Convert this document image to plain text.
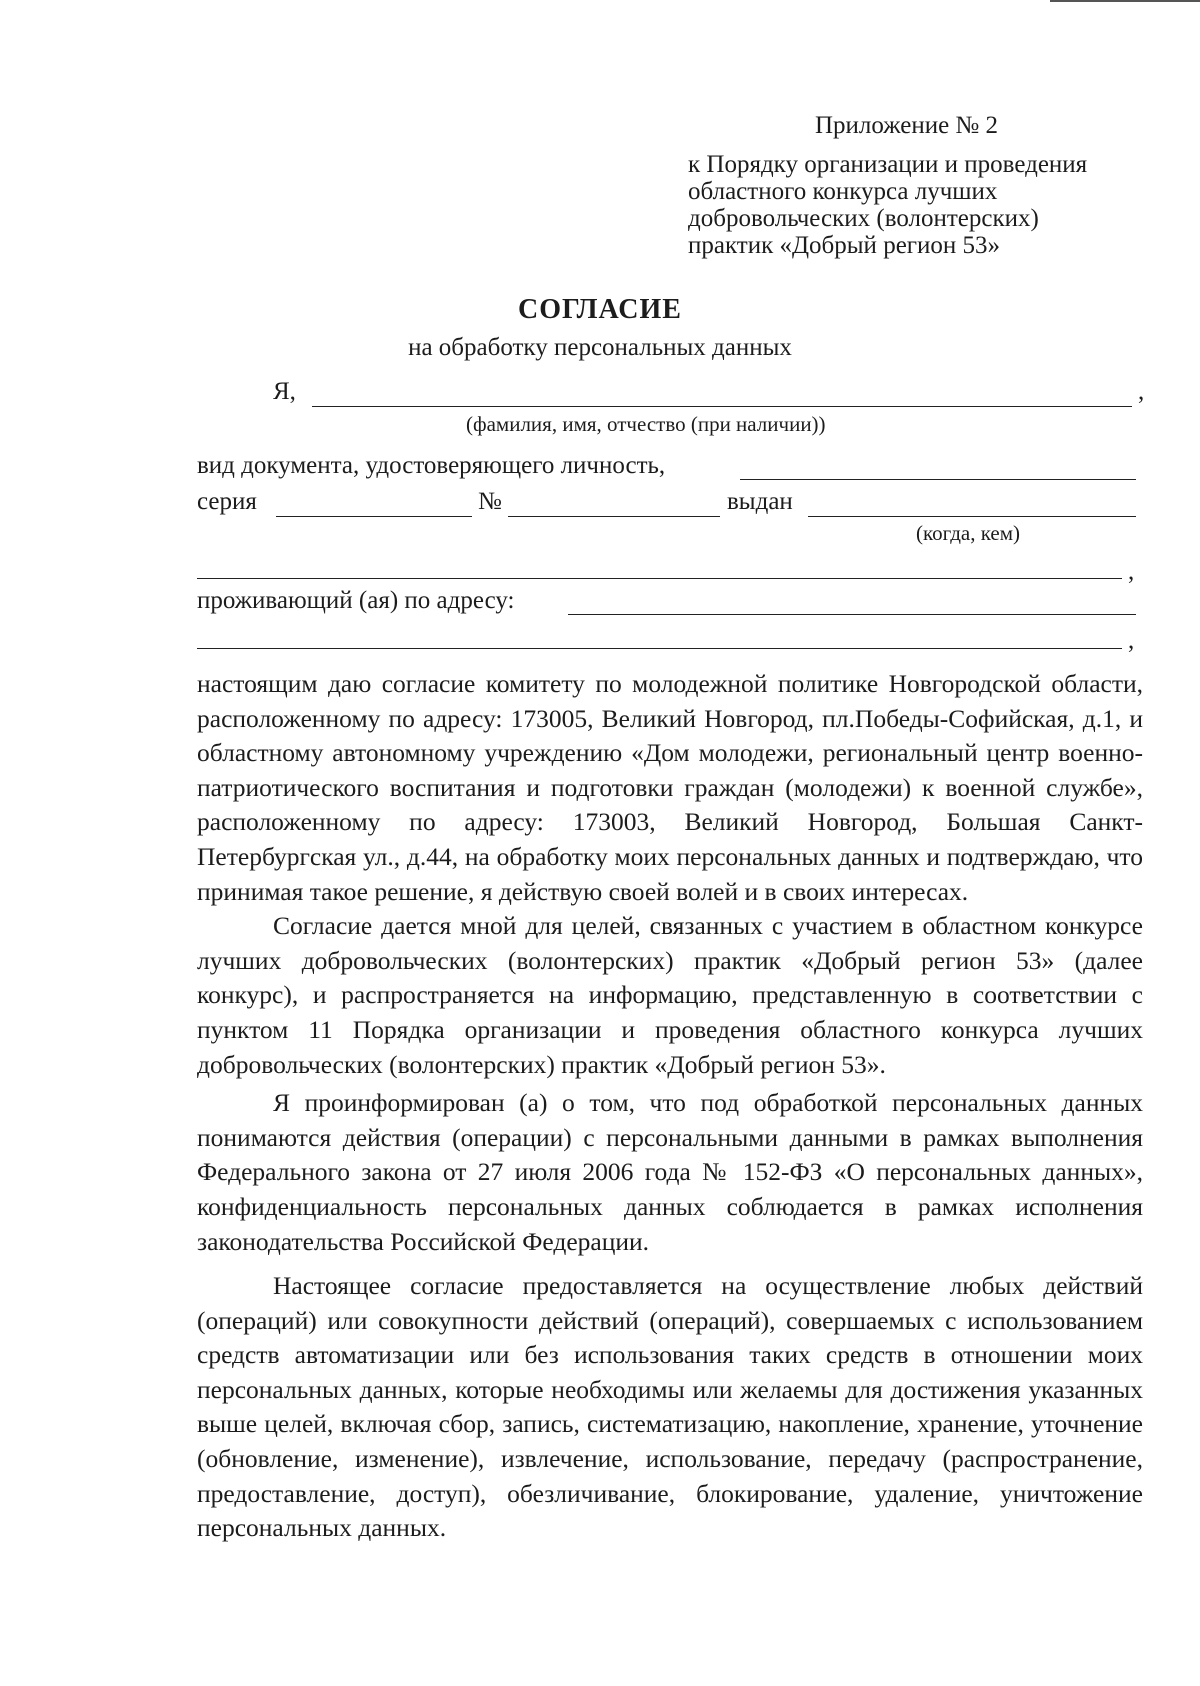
Приложение № 2
к Порядку организации и проведения
областного конкурса лучших
добровольческих (волонтерских)
практик «Добрый регион 53»
СОГЛАСИЕ
на обработку персональных данных
Я,	,
(фамилия, имя, отчество (при наличии))
вид документа, удостоверяющего личность,
серия	№	выдан
(когда, кем)
,
проживающий (ая) по адресу:
,

настоящим даю согласие комитету по молодежной политике Новгородской области, расположенному по адресу: 173005, Великий Новгород, пл.Победы-Софийская, д.1, и областному автономному учреждению «Дом молодежи, региональный центр военно-патриотического воспитания и подготовки граждан (молодежи) к военной службе», расположенному по адресу: 173003, Великий Новгород, Большая Санкт-Петербургская ул., д.44, на обработку моих персональных данных и подтверждаю, что принимая такое решение, я действую своей волей и в своих интересах.

Согласие дается мной для целей, связанных с участием в областном конкурсе лучших добровольческих (волонтерских) практик «Добрый регион 53» (далее конкурс), и распространяется на информацию, представленную в соответствии с пунктом 11 Порядка организации и проведения областного конкурса лучших добровольческих (волонтерских) практик «Добрый регион 53».

Я проинформирован (а) о том, что под обработкой персональных данных понимаются действия (операции) с персональными данными в рамках выполнения Федерального закона от 27 июля 2006 года № 152-ФЗ «О персональных данных», конфиденциальность персональных данных соблюдается в рамках исполнения законодательства Российской Федерации.

Настоящее согласие предоставляется на осуществление любых действий (операций) или совокупности действий (операций), совершаемых с использованием средств автоматизации или без использования таких средств в отношении моих персональных данных, которые необходимы или желаемы для достижения указанных выше целей, включая сбор, запись, систематизацию, накопление, хранение, уточнение (обновление, изменение), извлечение, использование, передачу (распространение, предоставление, доступ), обезличивание, блокирование, удаление, уничтожение персональных данных.
